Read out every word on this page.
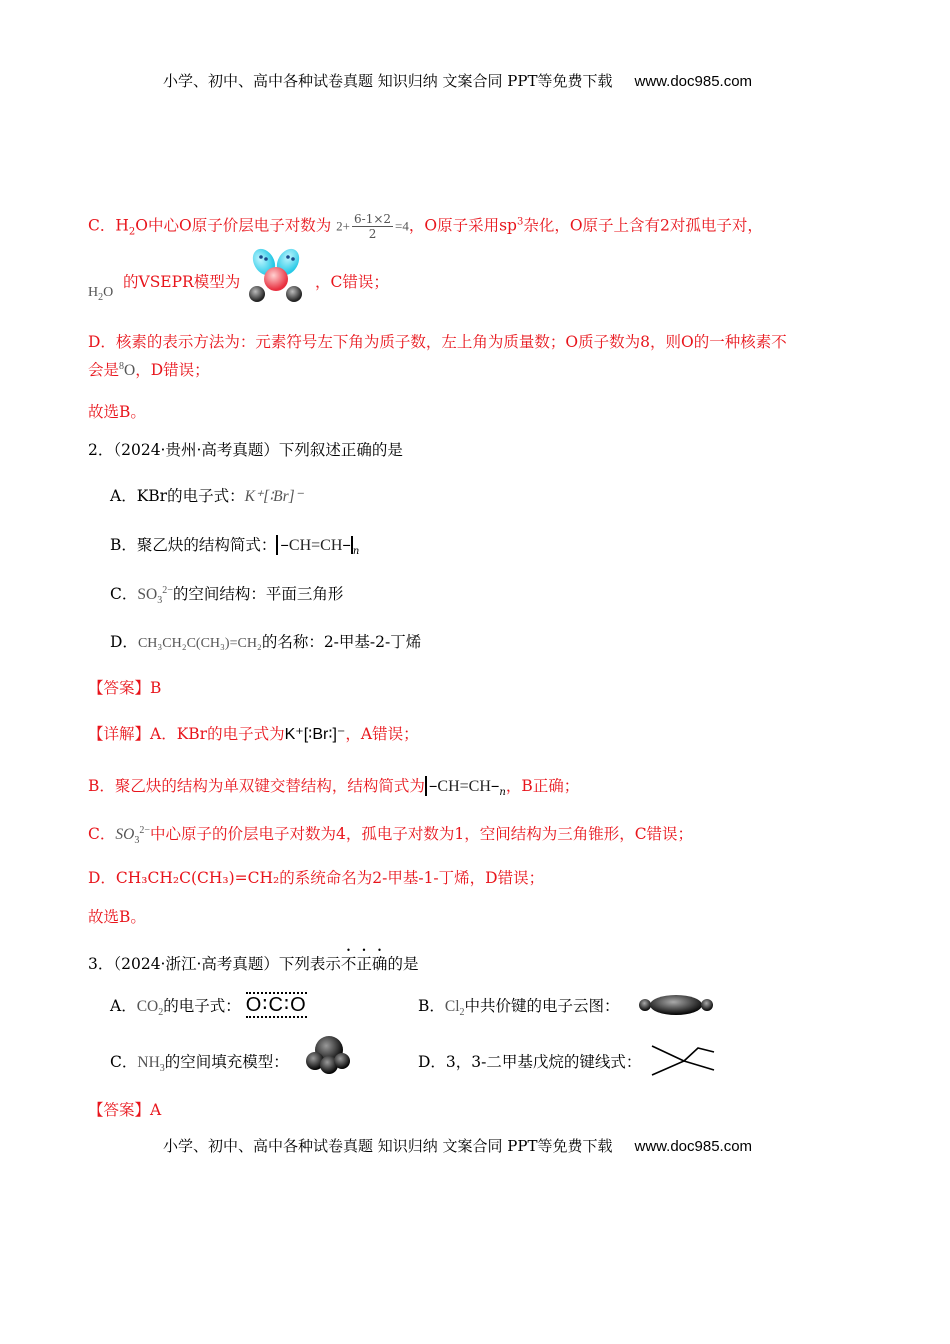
小学、初中、高中各种试卷真题 知识归纳 文案合同 PPT等免费下载 www.doc985.com
C．$H_2O$中心O原子价层电子对数为 $2+ \frac{6-1\times 2}{2} =4$，O原子采用$sp^3$杂化，O原子上含有2对孤电子对，
$H_2O$
的VSEPR模型为	，C错误；
D．核素的表示方法为：元素符号左下角为质子数，左上角为质量数；O质子数为8，则O的一种核素不
会是$^8$O，D错误；
故选B。
2．（2024·贵州·高考真题）下列叙述正确的是
A．KBr的电子式：K⁺[∶Br]⁻
B．聚乙炔的结构简式： –CH=CH– $_n$
C．$SO_3^{2-}$的空间结构：平面三角形
D．CH₃CH₂C(CH₃)=CH₂的名称：2-甲基-2-丁烯
【答案】B
【详解】A．KBr的电子式为K⁺[∶Br∶]⁻，A错误；
B．聚乙炔的结构为单双键交替结构，结构简式为 $-CH=CH-_n$，B正确；
C．$SO_3^{2-}$中心原子的价层电子对数为4，孤电子对数为1，空间结构为三角锥形，C错误；
D．CH₃CH₂C(CH₃)=CH₂的系统命名为2-甲基-1-丁烯，D错误；
故选B。
3．（2024·浙江·高考真题）下列表示不正确的是
A．$CO_2$的电子式： O∶C∶O	B．$Cl_2$中共价键的电子云图：
C．$NH_3$的空间填充模型：	D．3，3-二甲基戊烷的键线式：
【答案】A
小学、初中、高中各种试卷真题 知识归纳 文案合同 PPT等免费下载 www.doc985.com
